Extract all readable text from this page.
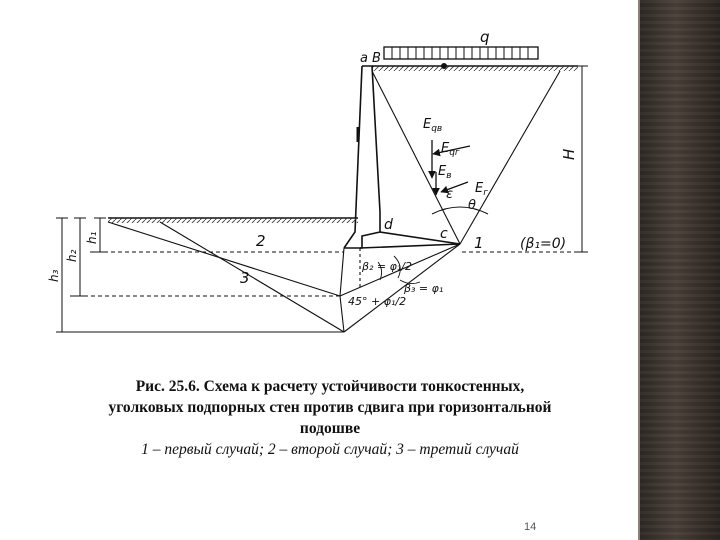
q
a B
d
c
$E_{qв}$
$E_{qг}$
$E_в$
$E_г$
ε
θ
H
h₁
h₂
h₃
1
2
3
(β₁=0)
β₂ = φ₁/2
45° + φ₁/2
β₃ = φ₁
Рис. 25.6. Схема к расчету устойчивости тонкостенных,
уголковых подпорных стен против сдвига при горизонтальной
подошве
1 – первый случай; 2 – второй случай; 3 – третий случай
14
